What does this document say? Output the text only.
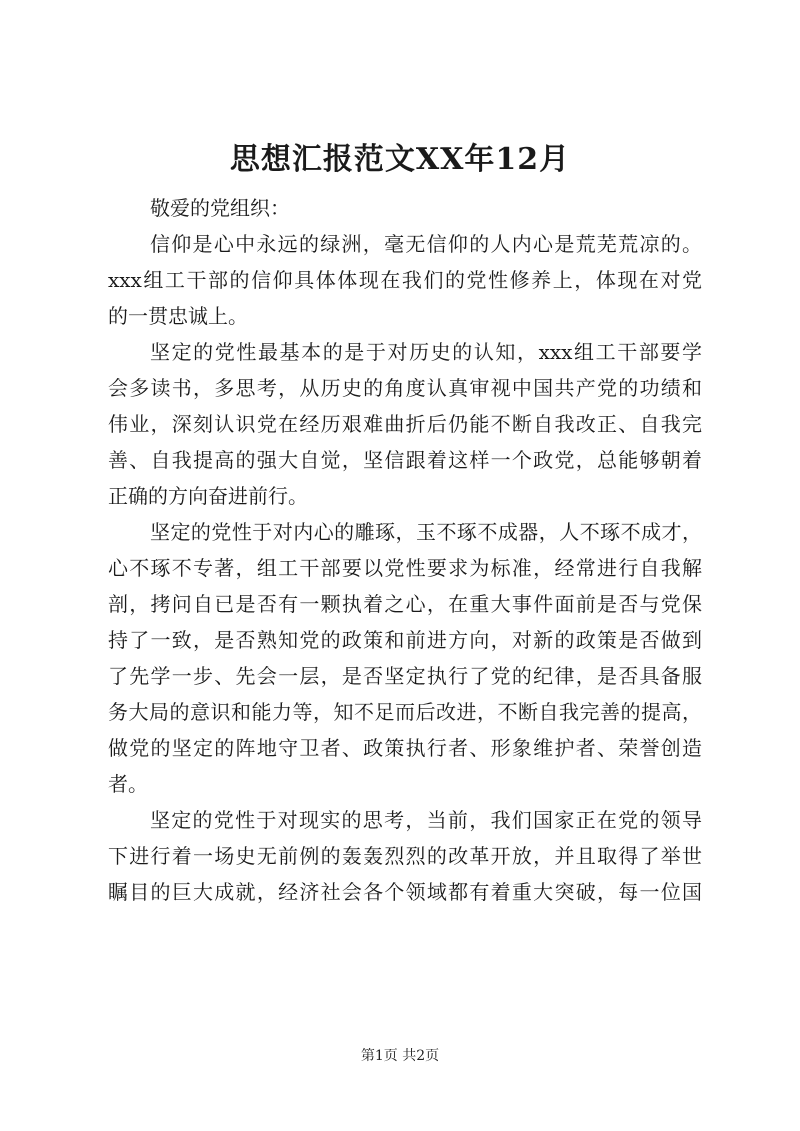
思想汇报范文XX年12月

敬爱的党组织：

信仰是心中永远的绿洲，毫无信仰的人内心是荒芜荒凉的。
xxx组工干部的信仰具体体现在我们的党性修养上，体现在对党
的一贯忠诚上。
坚定的党性最基本的是于对历史的认知，xxx组工干部要学
会多读书，多思考，从历史的角度认真审视中国共产党的功绩和
伟业，深刻认识党在经历艰难曲折后仍能不断自我改正、自我完
善、自我提高的强大自觉，坚信跟着这样一个政党，总能够朝着
正确的方向奋进前行。
坚定的党性于对内心的雕琢，玉不琢不成器，人不琢不成才，
心不琢不专著，组工干部要以党性要求为标准，经常进行自我解
剖，拷问自已是否有一颗执着之心，在重大事件面前是否与党保
持了一致，是否熟知党的政策和前进方向，对新的政策是否做到
了先学一步、先会一层，是否坚定执行了党的纪律，是否具备服
务大局的意识和能力等，知不足而后改进，不断自我完善的提高，
做党的坚定的阵地守卫者、政策执行者、形象维护者、荣誉创造
者。
坚定的党性于对现实的思考，当前，我们国家正在党的领导
下进行着一场史无前例的轰轰烈烈的改革开放，并且取得了举世
瞩目的巨大成就，经济社会各个领域都有着重大突破，每一位国
第1页 共2页
